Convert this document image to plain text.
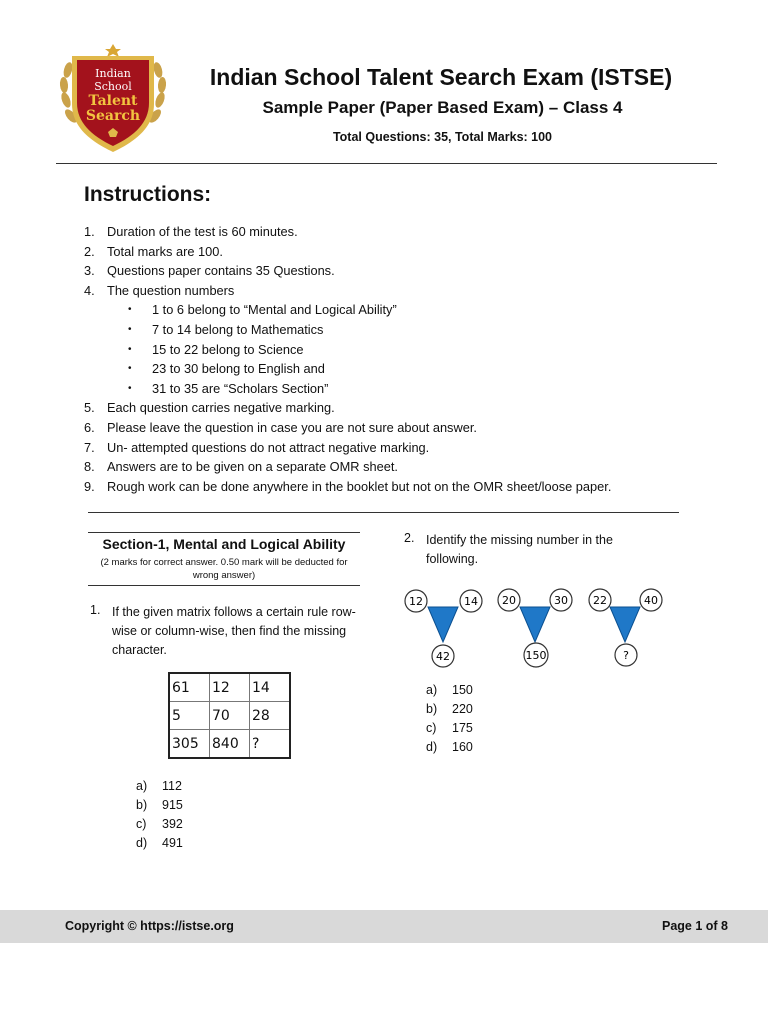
Indian
School
Talent
Search
Indian School Talent Search Exam (ISTSE)
Sample Paper (Paper Based Exam) – Class 4
Total Questions: 35, Total Marks: 100
Instructions:
1. Duration of the test is 60 minutes.
2. Total marks are 100.
3. Questions paper contains 35 Questions.
4. The question numbers
• 1 to 6 belong to “Mental and Logical Ability”
• 7 to 14 belong to Mathematics
• 15 to 22 belong to Science
• 23 to 30 belong to English and
• 31 to 35 are “Scholars Section”
5. Each question carries negative marking.
6. Please leave the question in case you are not sure about answer.
7. Un- attempted questions do not attract negative marking.
8. Answers are to be given on a separate OMR sheet.
9. Rough work can be done anywhere in the booklet but not on the OMR sheet/loose paper.
Section-1, Mental and Logical Ability
(2 marks for correct answer. 0.50 mark will be deducted for wrong answer)
1. If the given matrix follows a certain rule row-wise or column-wise, then find the missing character.
61	12	14
5	70	28
305	840	?
a) 112
b) 915
c) 392
d) 491
2. Identify the missing number in the following.
12	14
42
20	30
150
22	40
?
a) 150
b) 220
c) 175
d) 160
Copyright © https://istse.org	Page 1 of 8
